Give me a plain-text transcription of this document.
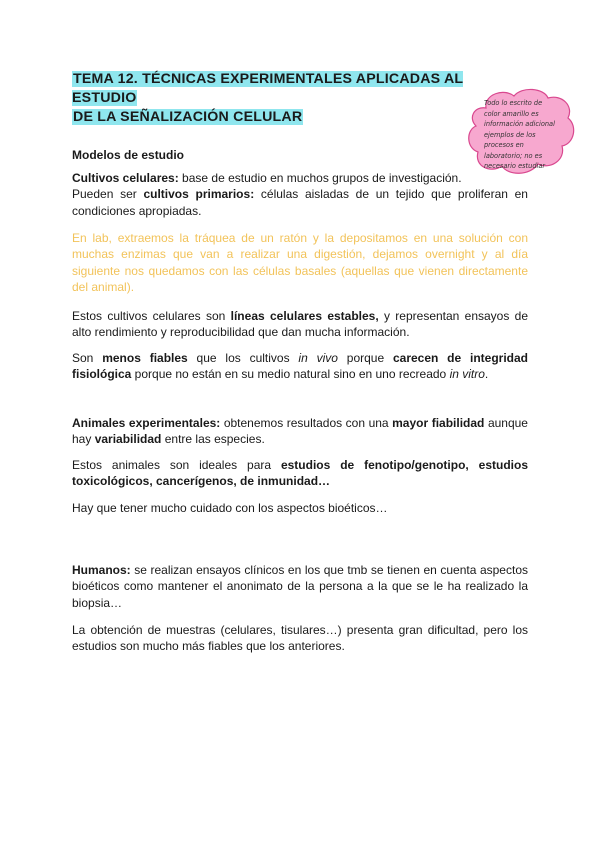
TEMA 12. TÉCNICAS EXPERIMENTALES APLICADAS AL ESTUDIO
DE LA SEÑALIZACIÓN CELULAR
Todo lo escrito de
color amarillo es
información adicional
ejemplos de los
procesos en
laboratorio; no es
necesario estudiar
Modelos de estudio

Cultivos celulares: base de estudio en muchos grupos de investigación.
Pueden ser cultivos primarios: células aisladas de un tejido que proliferan en condiciones apropiadas.

En lab, extraemos la tráquea de un ratón y la depositamos en una solución con muchas enzimas que van a realizar una digestión, dejamos overnight y al día siguiente nos quedamos con las células basales (aquellas que vienen directamente del animal).

Estos cultivos celulares son líneas celulares estables, y representan ensayos de alto rendimiento y reproducibilidad que dan mucha información.

Son menos fiables que los cultivos in vivo porque carecen de integridad fisiológica porque no están en su medio natural sino en uno recreado in vitro.

Animales experimentales: obtenemos resultados con una mayor fiabilidad aunque hay variabilidad entre las especies.

Estos animales son ideales para estudios de fenotipo/genotipo, estudios toxicológicos, cancerígenos, de inmunidad…

Hay que tener mucho cuidado con los aspectos bioéticos…

Humanos: se realizan ensayos clínicos en los que tmb se tienen en cuenta aspectos bioéticos como mantener el anonimato de la persona a la que se le ha realizado la biopsia…

La obtención de muestras (celulares, tisulares…) presenta gran dificultad, pero los estudios son mucho más fiables que los anteriores.
